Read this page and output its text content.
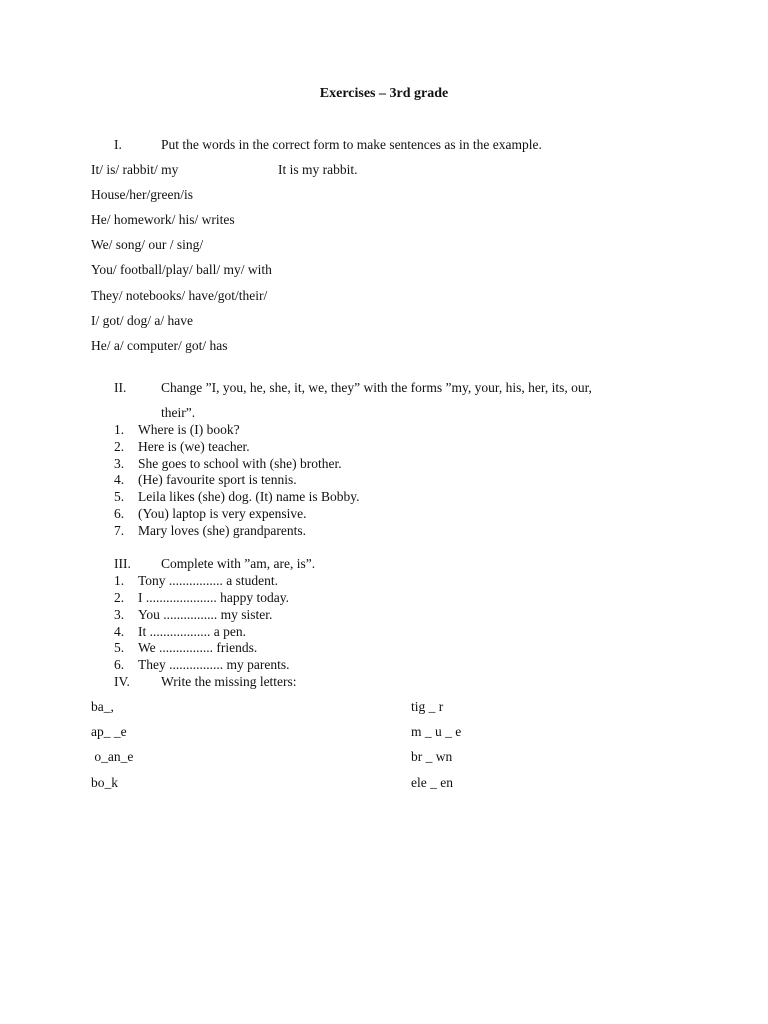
Exercises – 3rd grade
I.	Put the words in the correct form to make sentences as in the example.
It/ is/ rabbit/ my	It is my rabbit.
House/her/green/is
He/ homework/ his/ writes
We/ song/ our / sing/
You/ football/play/ ball/ my/ with
They/ notebooks/ have/got/their/
I/ got/ dog/ a/ have
He/ a/ computer/ got/ has
II.	Change ”I, you, he, she, it, we, they” with the forms ”my, your, his, her, its, our,
their”.
1.	Where is (I) book?
2.	Here is (we) teacher.
3.	She goes to school with (she) brother.
4.	(He) favourite sport is tennis.
5.	Leila likes (she) dog. (It) name is Bobby.
6.	(You) laptop is very expensive.
7.	Mary loves (she) grandparents.
III. Complete with ”am, are, is”.
1.	Tony ................ a student.
2.	I ..................... happy today.
3.	You ................ my sister.
4.	It .................. a pen.
5.	We ................ friends.
6.	They ................ my parents.
IV. Write the missing letters:
ba_,	tig _ r
ap_ _e	m _ u _ e
o_an_e	br _ wn
bo_k	ele _ en
